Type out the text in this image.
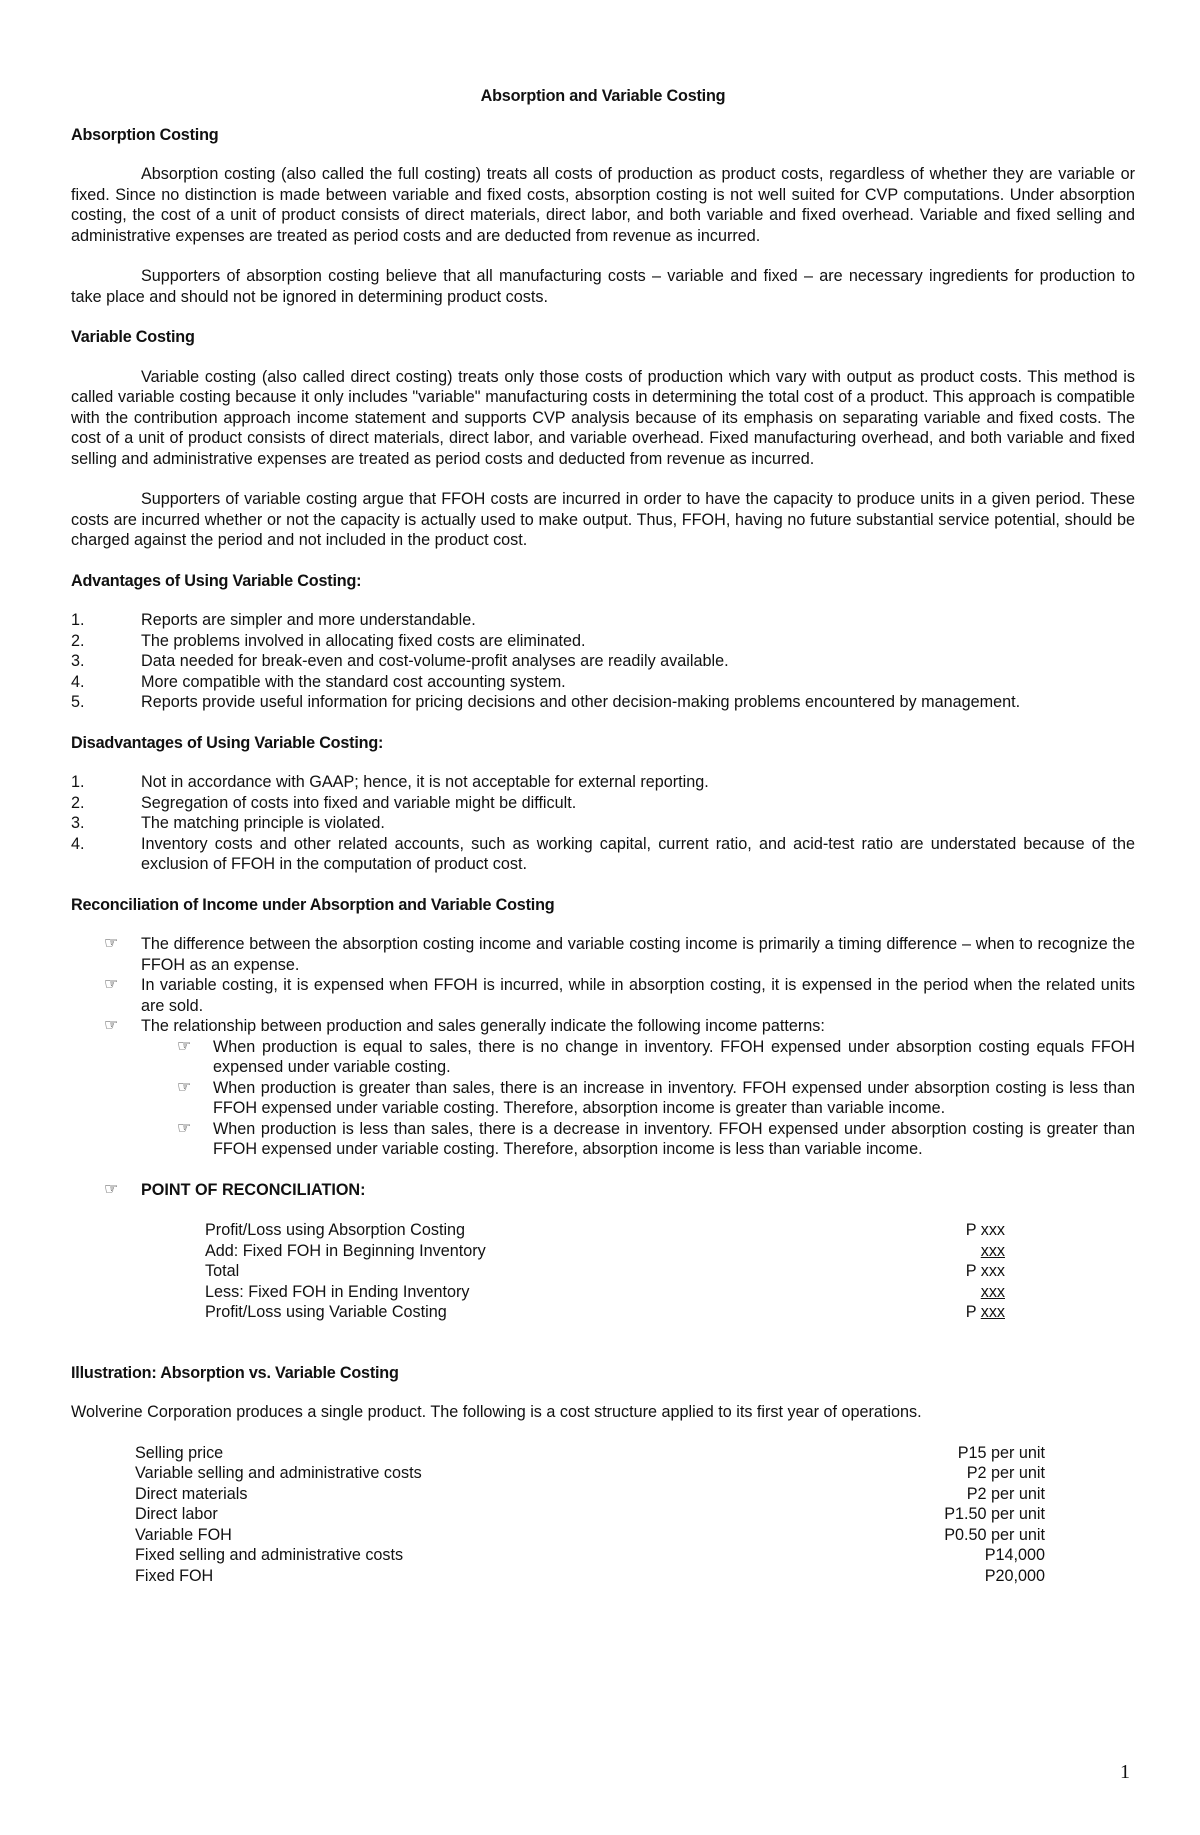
Absorption and Variable Costing
Absorption Costing

Absorption costing (also called the full costing) treats all costs of production as product costs, regardless of whether they are variable or fixed. Since no distinction is made between variable and fixed costs, absorption costing is not well suited for CVP computations. Under absorption costing, the cost of a unit of product consists of direct materials, direct labor, and both variable and fixed overhead. Variable and fixed selling and administrative expenses are treated as period costs and are deducted from revenue as incurred.

Supporters of absorption costing believe that all manufacturing costs – variable and fixed – are necessary ingredients for production to take place and should not be ignored in determining product costs.

Variable Costing

Variable costing (also called direct costing) treats only those costs of production which vary with output as product costs. This method is called variable costing because it only includes "variable" manufacturing costs in determining the total cost of a product. This approach is compatible with the contribution approach income statement and supports CVP analysis because of its emphasis on separating variable and fixed costs. The cost of a unit of product consists of direct materials, direct labor, and variable overhead. Fixed manufacturing overhead, and both variable and fixed selling and administrative expenses are treated as period costs and deducted from revenue as incurred.

Supporters of variable costing argue that FFOH costs are incurred in order to have the capacity to produce units in a given period. These costs are incurred whether or not the capacity is actually used to make output. Thus, FFOH, having no future substantial service potential, should be charged against the period and not included in the product cost.

Advantages of Using Variable Costing:
1.	Reports are simpler and more understandable.
2.	The problems involved in allocating fixed costs are eliminated.
3.	Data needed for break-even and cost-volume-profit analyses are readily available.
4.	More compatible with the standard cost accounting system.
5.	Reports provide useful information for pricing decisions and other decision-making problems encountered by management.
Disadvantages of Using Variable Costing:
1.	Not in accordance with GAAP; hence, it is not acceptable for external reporting.
2.	Segregation of costs into fixed and variable might be difficult.
3.	The matching principle is violated.
4.	Inventory costs and other related accounts, such as working capital, current ratio, and acid-test ratio are understated because of the exclusion of FFOH in the computation of product cost.
Reconciliation of Income under Absorption and Variable Costing
☞ The difference between the absorption costing income and variable costing income is primarily a timing difference – when to recognize the FFOH as an expense.
☞ In variable costing, it is expensed when FFOH is incurred, while in absorption costing, it is expensed in the period when the related units are sold.
☞ The relationship between production and sales generally indicate the following income patterns:
☞ When production is equal to sales, there is no change in inventory. FFOH expensed under absorption costing equals FFOH expensed under variable costing.
☞ When production is greater than sales, there is an increase in inventory. FFOH expensed under absorption costing is less than FFOH expensed under variable costing. Therefore, absorption income is greater than variable income.
☞ When production is less than sales, there is a decrease in inventory. FFOH expensed under absorption costing is greater than FFOH expensed under variable costing. Therefore, absorption income is less than variable income.
☞ POINT OF RECONCILIATION:
Profit/Loss using Absorption Costing	P xxx
Add: Fixed FOH in Beginning Inventory	xxx
Total	P xxx
Less: Fixed FOH in Ending Inventory	xxx
Profit/Loss using Variable Costing	P xxx
Illustration: Absorption vs. Variable Costing

Wolverine Corporation produces a single product. The following is a cost structure applied to its first year of operations.

Selling price	P15 per unit
Variable selling and administrative costs	P2 per unit
Direct materials	P2 per unit
Direct labor	P1.50 per unit
Variable FOH	P0.50 per unit
Fixed selling and administrative costs	P14,000
Fixed FOH	P20,000
1
